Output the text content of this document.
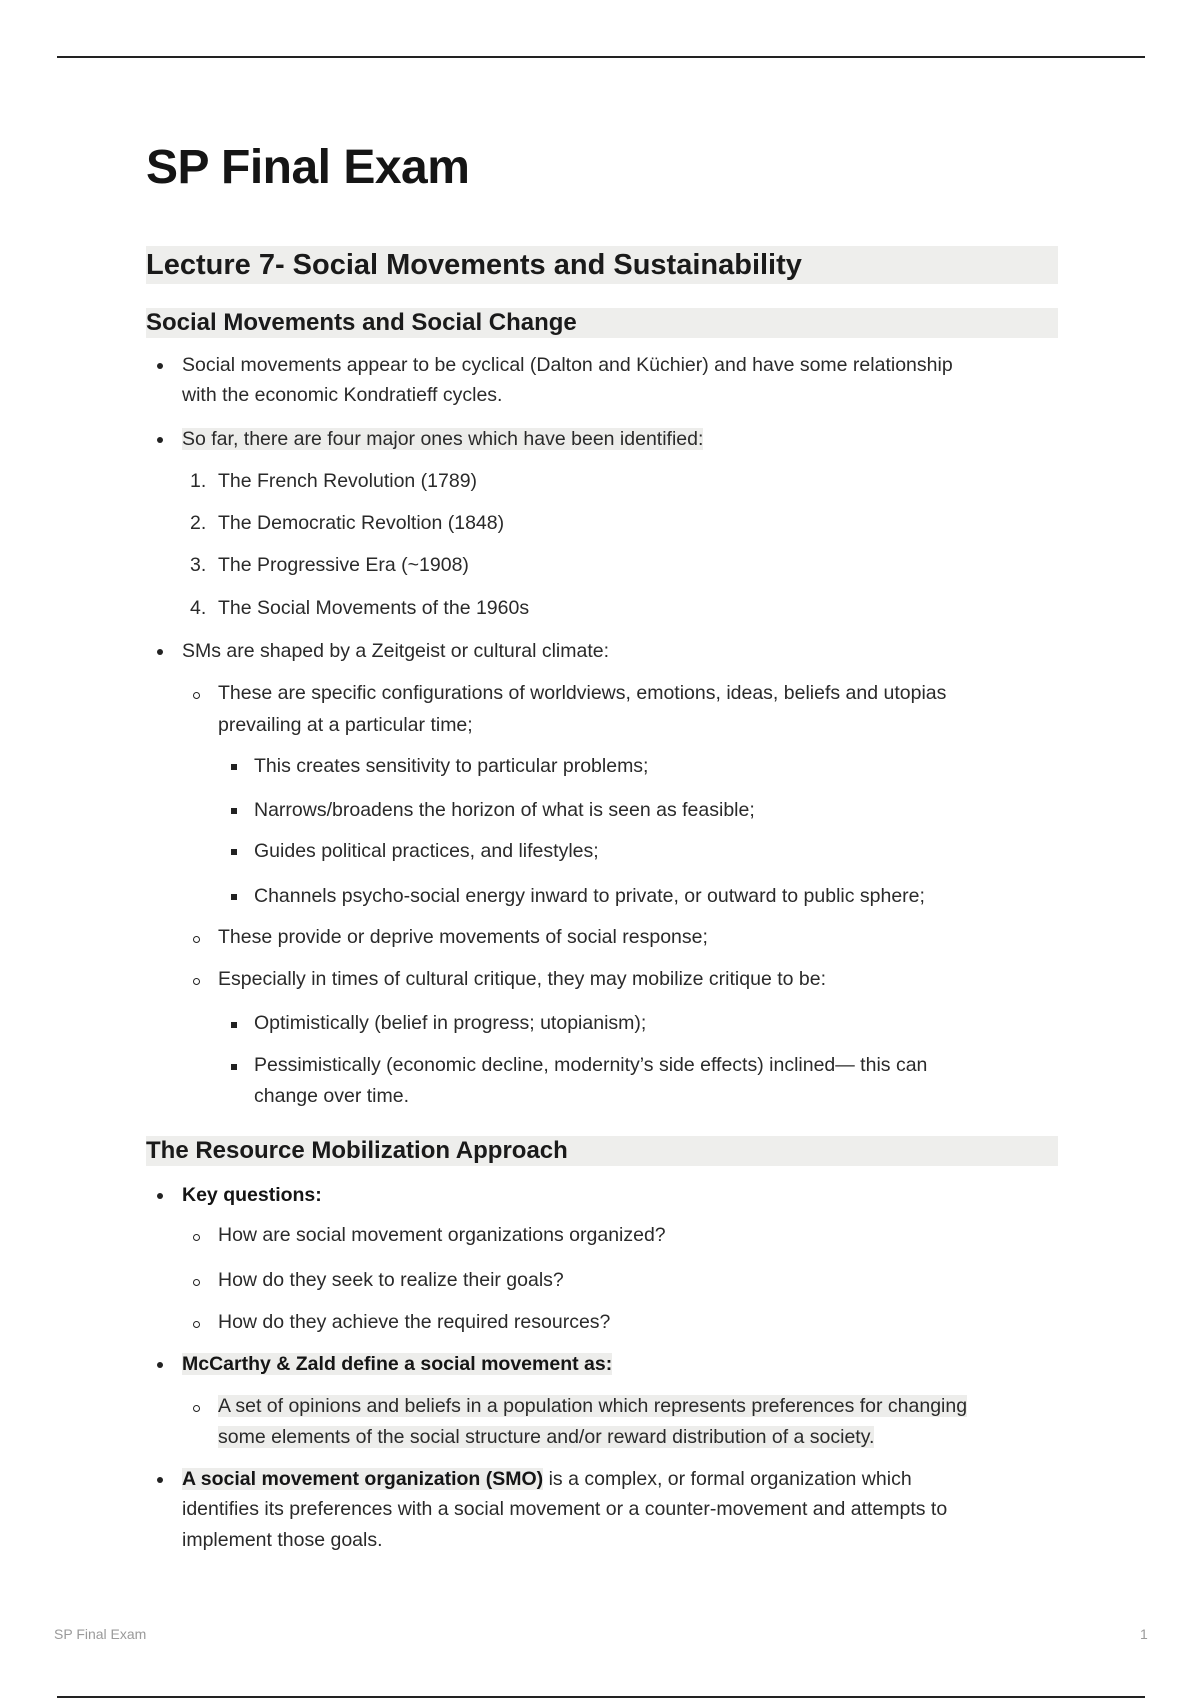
SP Final Exam
Lecture 7- Social Movements and Sustainability
Social Movements and Social Change
Social movements appear to be cyclical (Dalton and Küchier) and have some relationship
with the economic Kondratieff cycles.
So far, there are four major ones which have been identified:
1. The French Revolution (1789)
2. The Democratic Revoltion (1848)
3. The Progressive Era (~1908)
4. The Social Movements of the 1960s
SMs are shaped by a Zeitgeist or cultural climate:
These are specific configurations of worldviews, emotions, ideas, beliefs and utopias
prevailing at a particular time;
This creates sensitivity to particular problems;
Narrows/broadens the horizon of what is seen as feasible;
Guides political practices, and lifestyles;
Channels psycho-social energy inward to private, or outward to public sphere;
These provide or deprive movements of social response;
Especially in times of cultural critique, they may mobilize critique to be:
Optimistically (belief in progress; utopianism);
Pessimistically (economic decline, modernity’s side effects) inclined— this can
change over time.
The Resource Mobilization Approach
Key questions:
How are social movement organizations organized?
How do they seek to realize their goals?
How do they achieve the required resources?
McCarthy & Zald define a social movement as:
A set of opinions and beliefs in a population which represents preferences for changing
some elements of the social structure and/or reward distribution of a society.
A social movement organization (SMO) is a complex, or formal organization which
identifies its preferences with a social movement or a counter-movement and attempts to
implement those goals.
SP Final Exam	1
